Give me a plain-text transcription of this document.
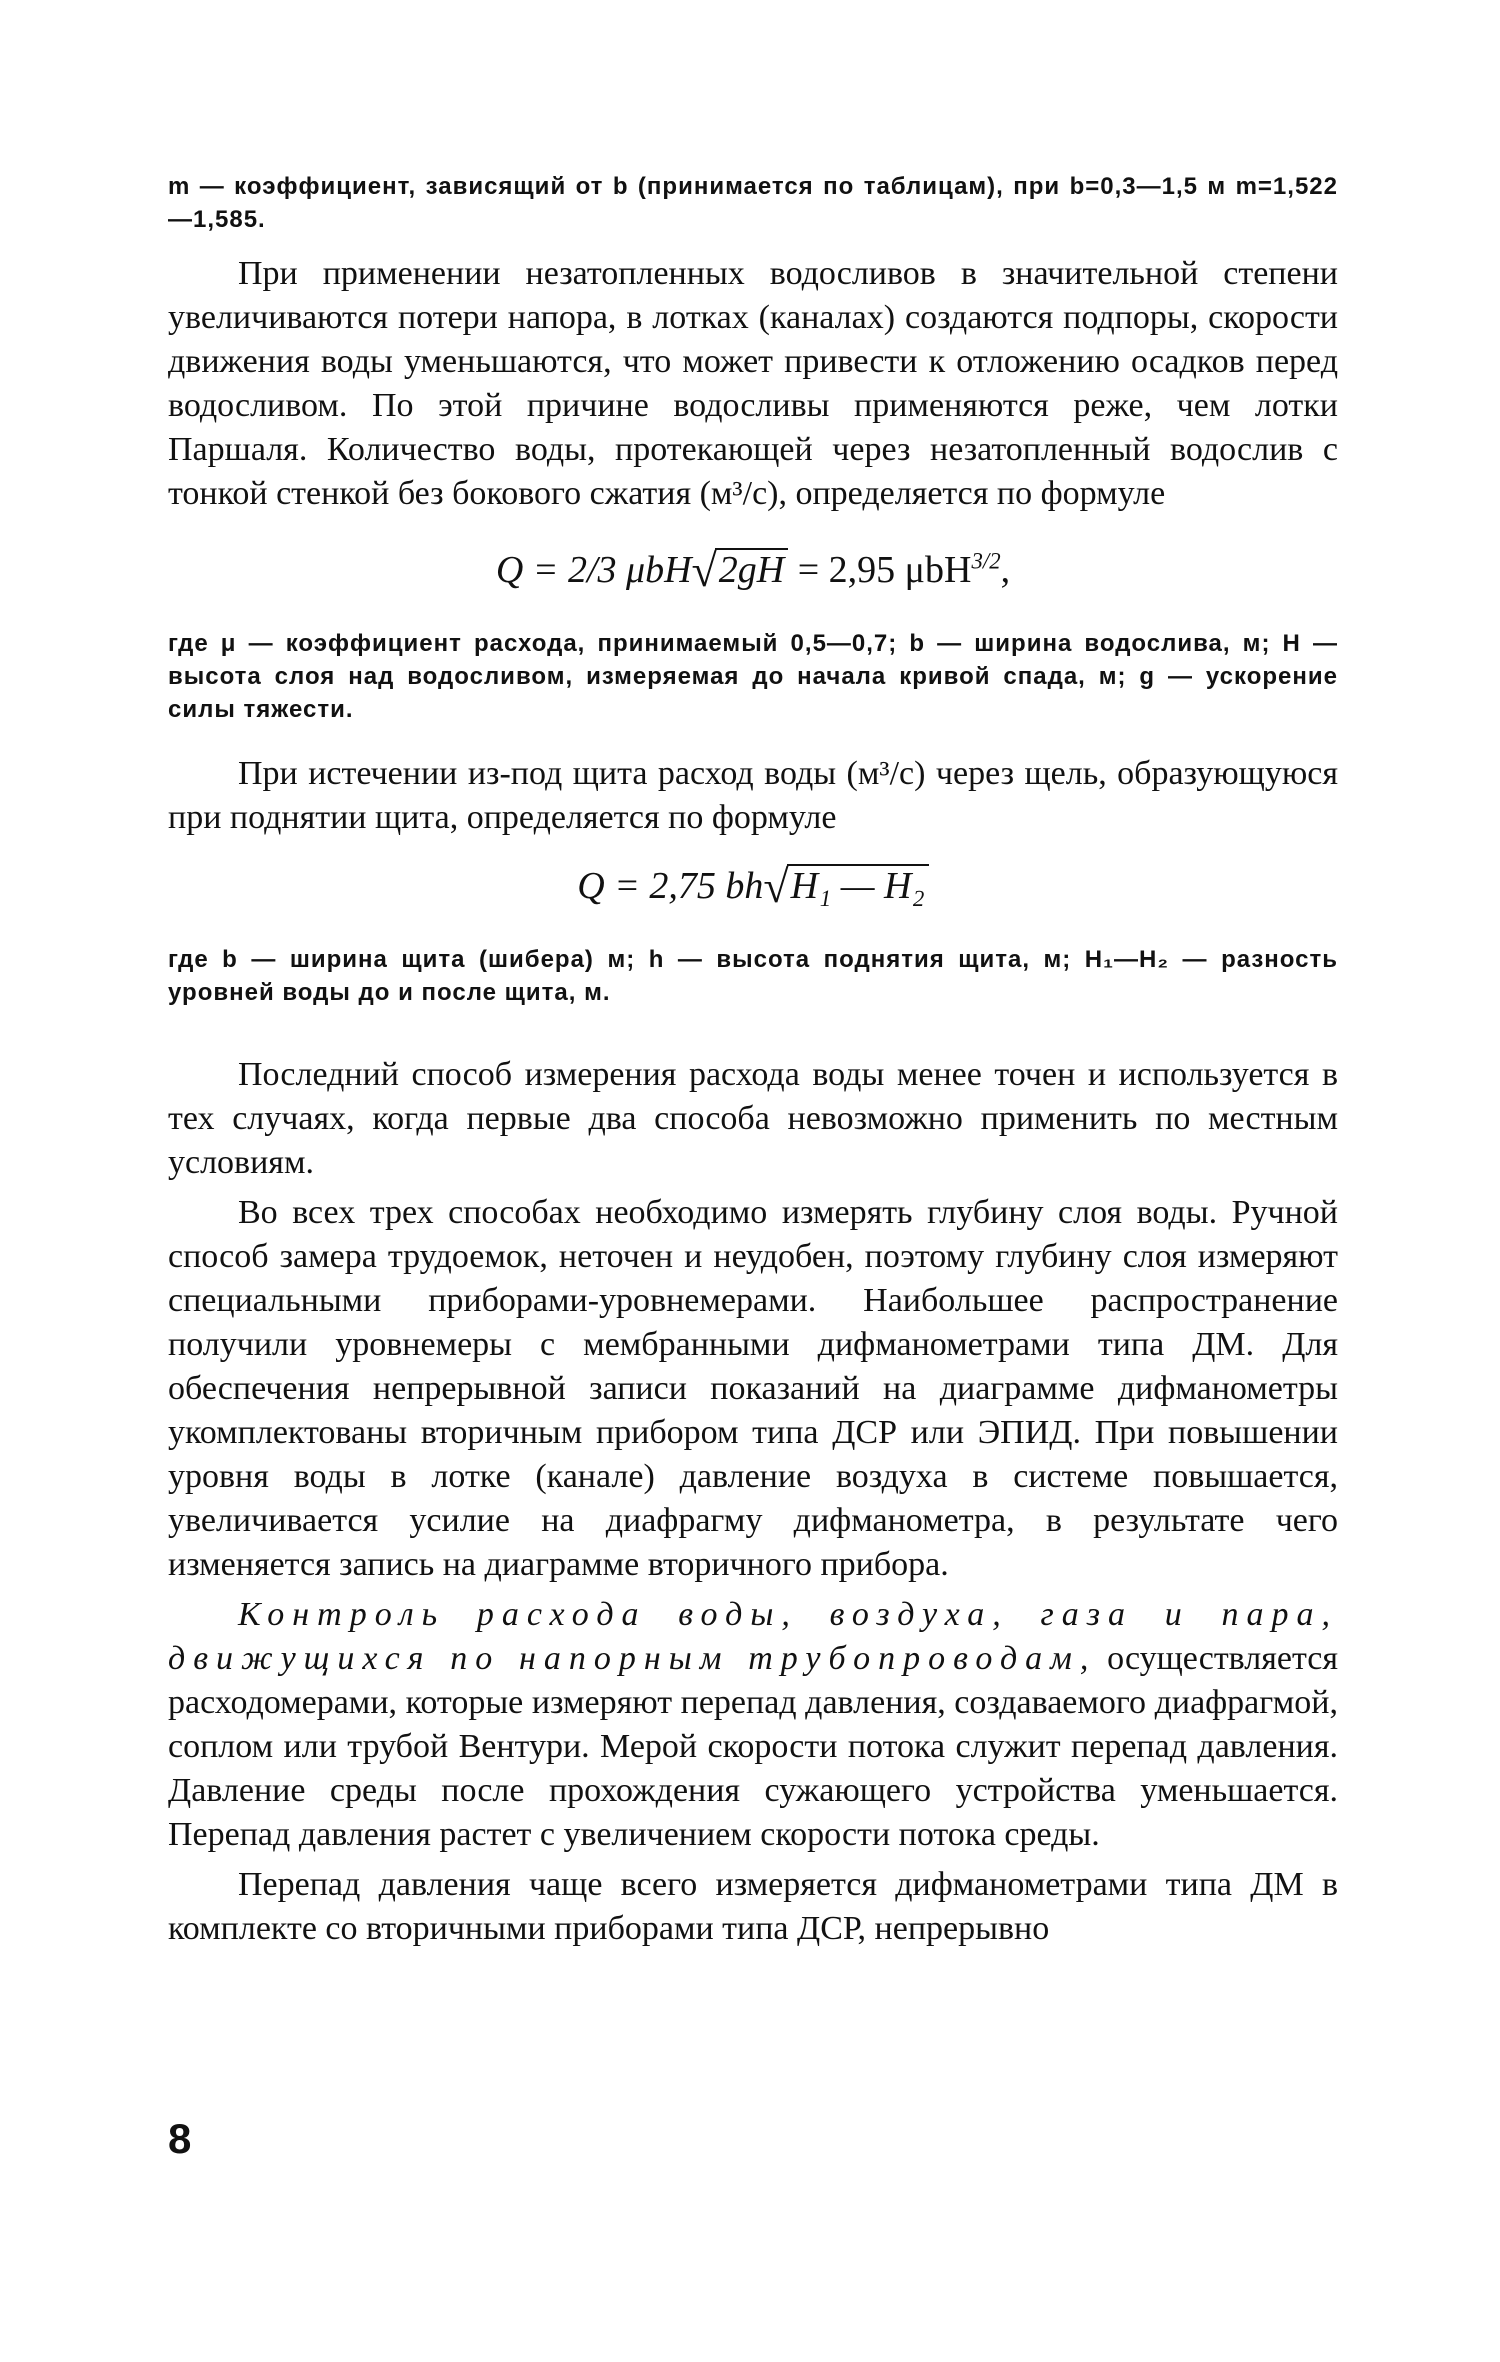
m — коэффициент, зависящий от b (принимается по таблицам), при b=0,3—1,5 м m=1,522—1,585.

При применении незатопленных водосливов в значительной степени увеличиваются потери напора, в лотках (каналах) создаются подпоры, скорости движения воды уменьшаются, что может привести к отложению осадков перед водосливом. По этой причине водосливы применяются реже, чем лотки Паршаля. Количество воды, протекающей через незатопленный водослив с тонкой стенкой без бокового сжатия (м³/с), определяется по формуле

Q = 2/3 μbH√2gH = 2,95 μbH$^{3/2}$,

где μ — коэффициент расхода, принимаемый 0,5—0,7; b — ширина водослива, м; H — высота слоя над водосливом, измеряемая до начала кривой спада, м; g — ускорение силы тяжести.

При истечении из-под щита расход воды (м³/с) через щель, образующуюся при поднятии щита, определяется по формуле

Q = 2,75 bh√H₁ — H₂

где b — ширина щита (шибера) м; h — высота поднятия щита, м; H₁—H₂ — разность уровней воды до и после щита, м.

Последний способ измерения расхода воды менее точен и используется в тех случаях, когда первые два способа невозможно применить по местным условиям.

Во всех трех способах необходимо измерять глубину слоя воды. Ручной способ замера трудоемок, неточен и неудобен, поэтому глубину слоя измеряют специальными приборами-уровнемерами. Наибольшее распространение получили уровнемеры с мембранными дифманометрами типа ДМ. Для обеспечения непрерывной записи показаний на диаграмме дифманометры укомплектованы вторичным прибором типа ДСР или ЭПИД. При повышении уровня воды в лотке (канале) давление воздуха в системе повышается, увеличивается усилие на диафрагму дифманометра, в результате чего изменяется запись на диаграмме вторичного прибора.

Контроль расхода воды, воздуха, газа и пара, движущихся по напорным трубопроводам, осуществляется расходомерами, которые измеряют перепад давления, создаваемого диафрагмой, соплом или трубой Вентури. Мерой скорости потока служит перепад давления. Давление среды после прохождения сужающего устройства уменьшается. Перепад давления растет с увеличением скорости потока среды.

Перепад давления чаще всего измеряется дифманометрами типа ДМ в комплекте со вторичными приборами типа ДСР, непрерывно

8
